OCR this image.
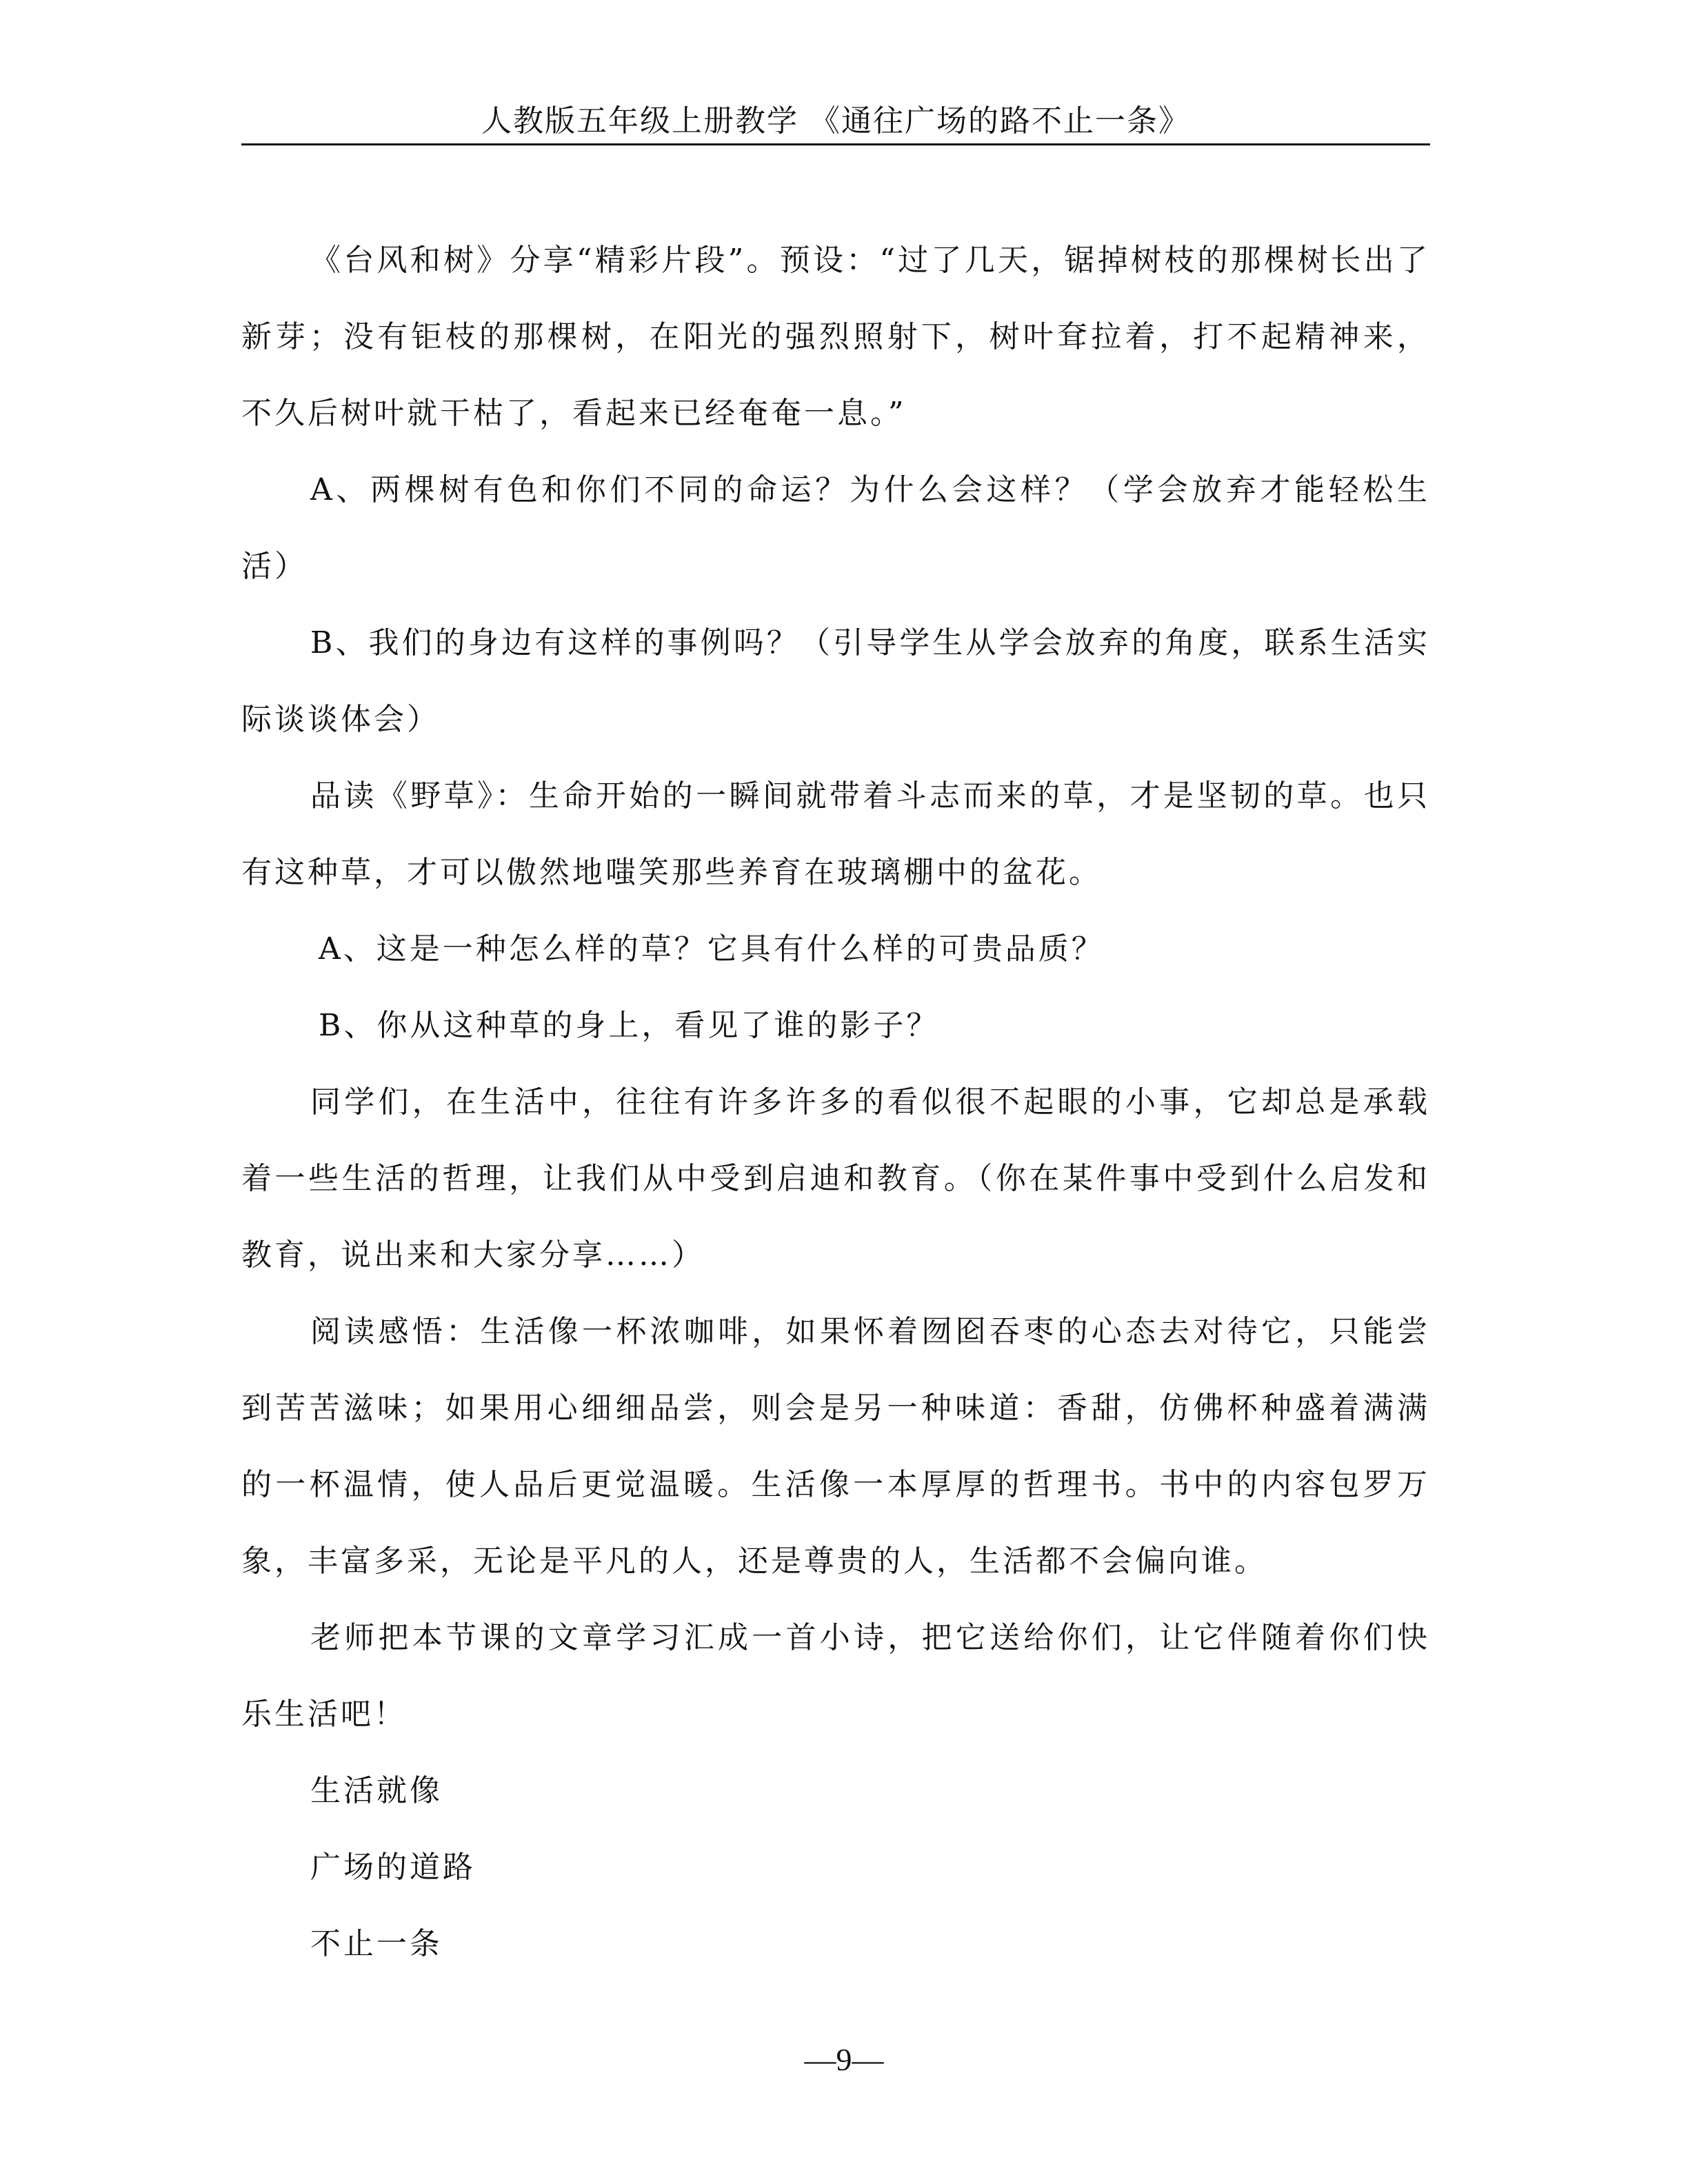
人教版五年级上册教学 《通往广场的路不止一条》

《台风和树》分享“精彩片段”。预设：“过了几天，锯掉树枝的那棵树长出了新芽；没有钜枝的那棵树，在阳光的强烈照射下，树叶耷拉着，打不起精神来，不久后树叶就干枯了，看起来已经奄奄一息。”

A、两棵树有色和你们不同的命运？为什么会这样？（学会放弃才能轻松生活）

B、我们的身边有这样的事例吗？（引导学生从学会放弃的角度，联系生活实际谈谈体会）

品读《野草》：生命开始的一瞬间就带着斗志而来的草，才是坚韧的草。也只有这种草，才可以傲然地嗤笑那些养育在玻璃棚中的盆花。

A、这是一种怎么样的草？它具有什么样的可贵品质？

B、你从这种草的身上，看见了谁的影子？

同学们，在生活中，往往有许多许多的看似很不起眼的小事，它却总是承载着一些生活的哲理，让我们从中受到启迪和教育。（你在某件事中受到什么启发和教育，说出来和大家分享……）

阅读感悟：生活像一杯浓咖啡，如果怀着囫囵吞枣的心态去对待它，只能尝到苦苦滋味；如果用心细细品尝，则会是另一种味道：香甜，仿佛杯种盛着满满的一杯温情，使人品后更觉温暖。生活像一本厚厚的哲理书。书中的内容包罗万象，丰富多采，无论是平凡的人，还是尊贵的人，生活都不会偏向谁。

老师把本节课的文章学习汇成一首小诗，把它送给你们，让它伴随着你们快乐生活吧！

生活就像

广场的道路

不止一条

—9—
